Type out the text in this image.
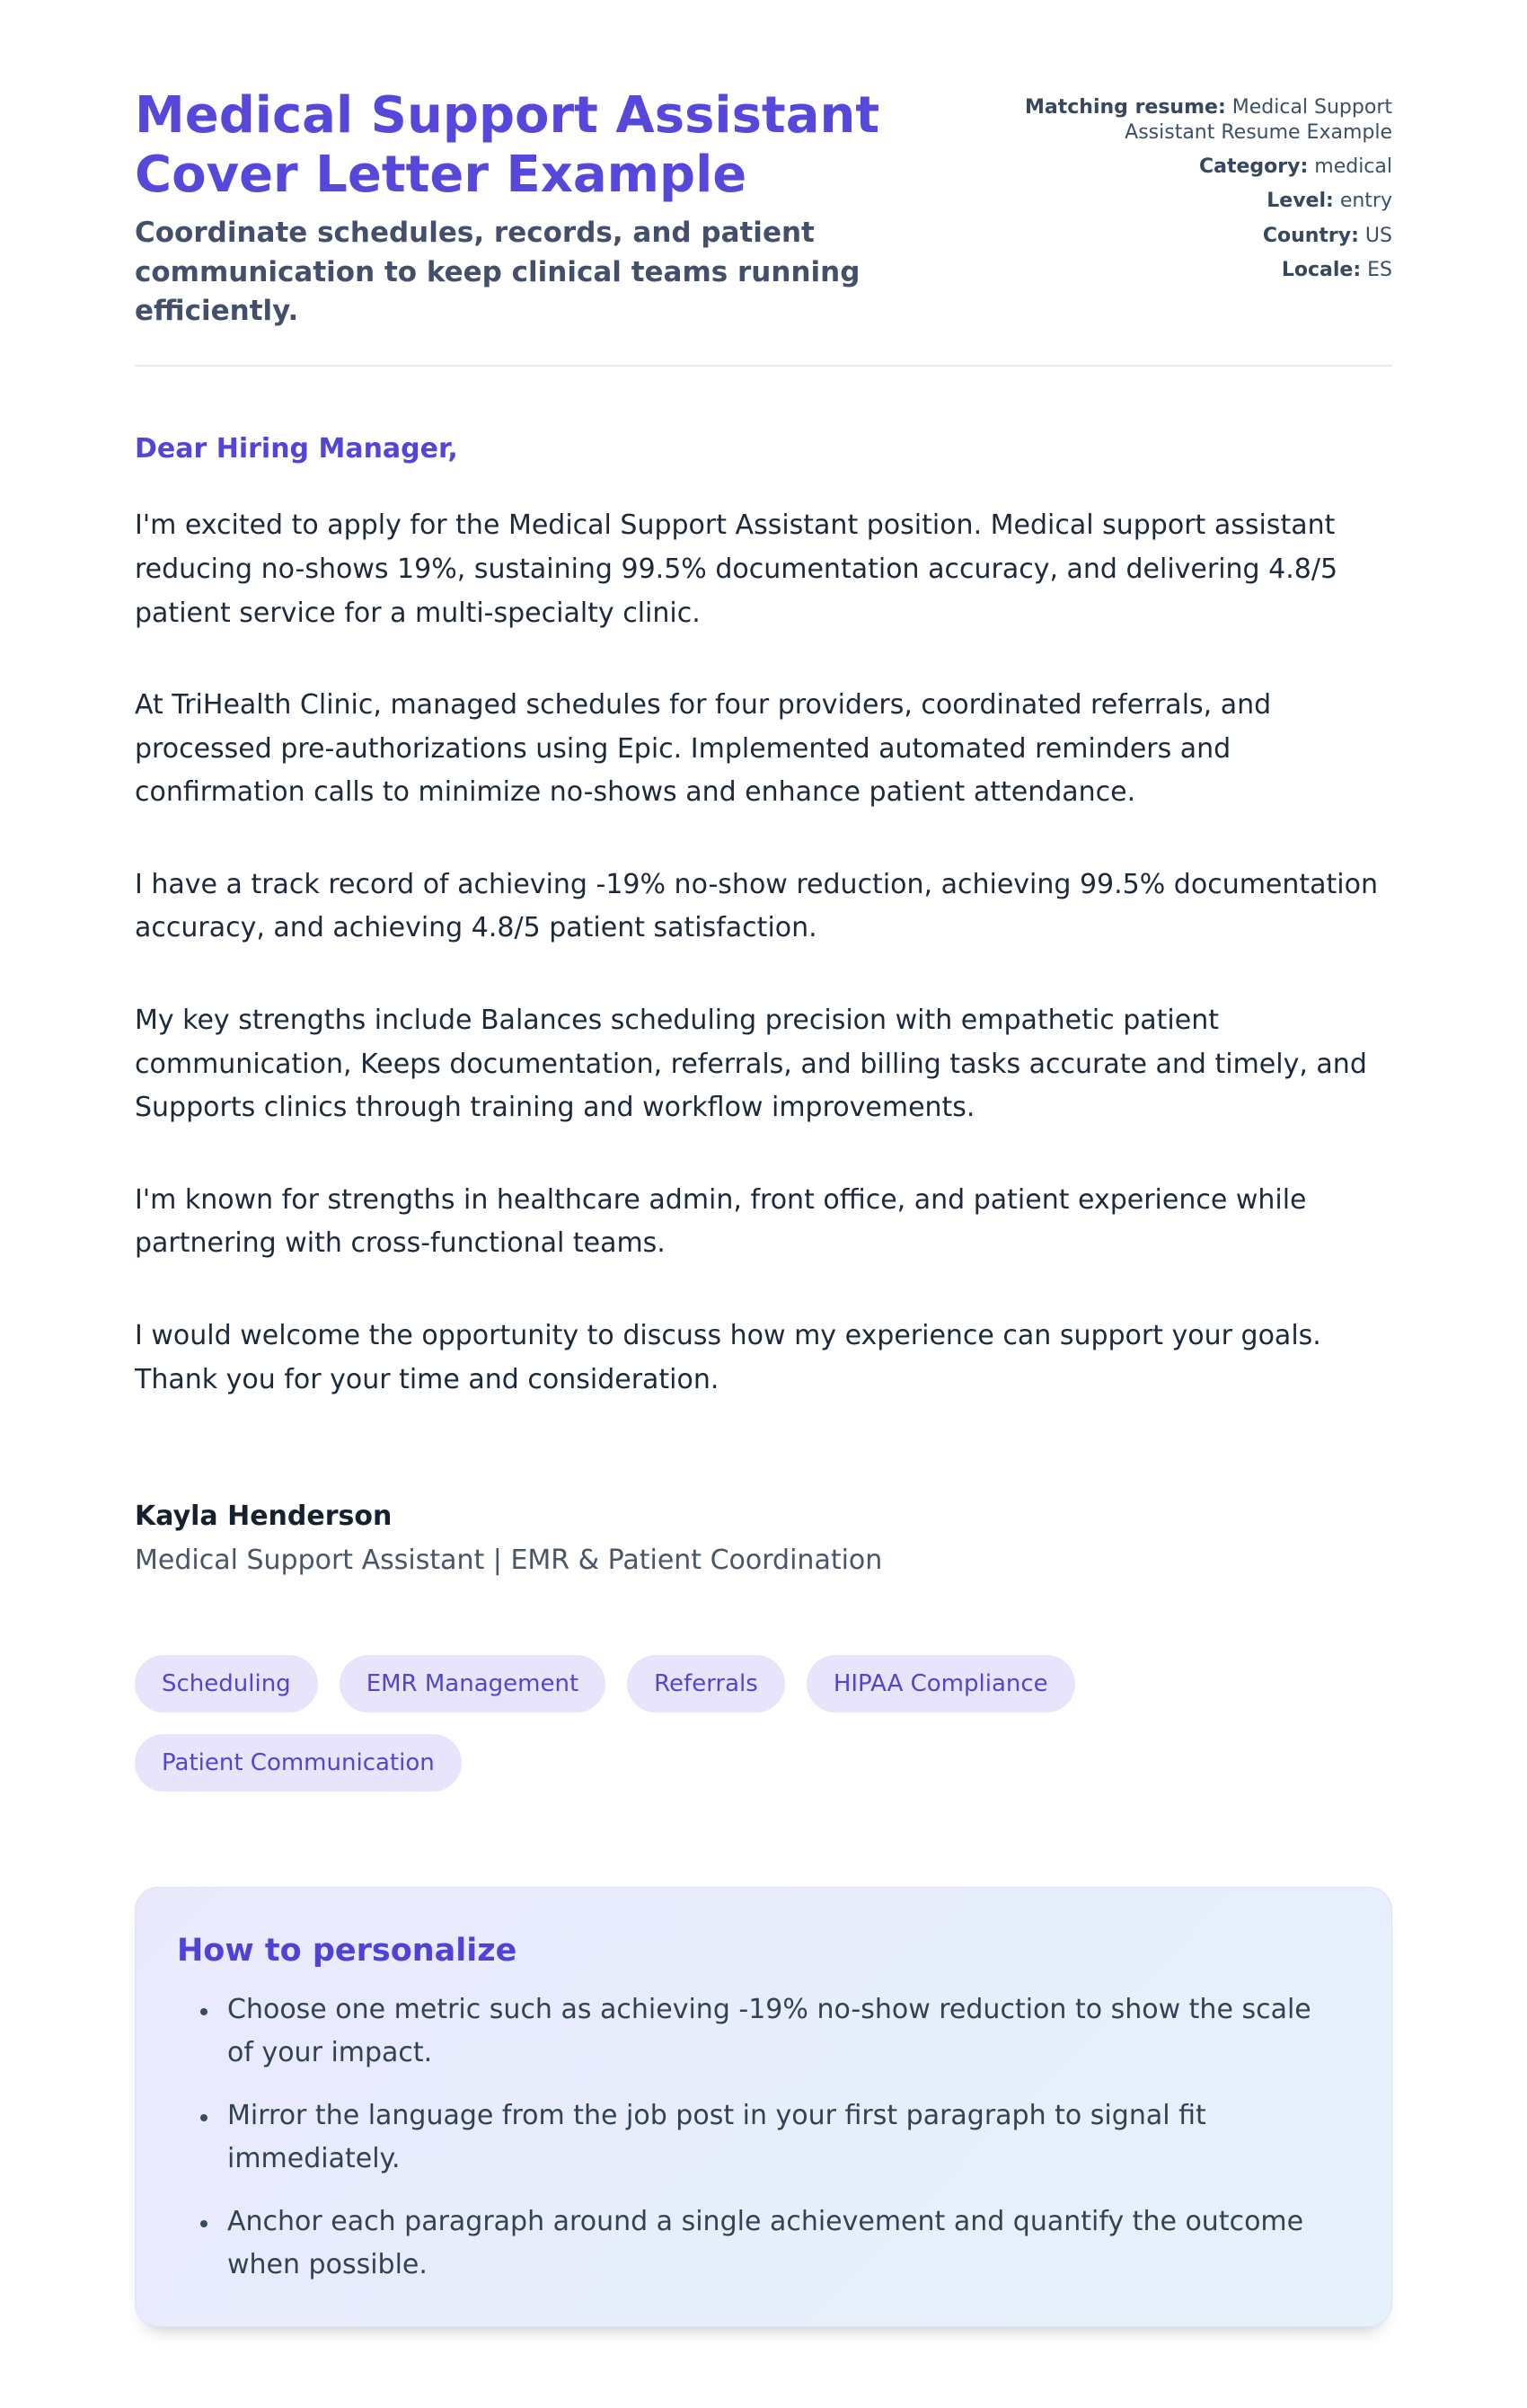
Medical Support Assistant Cover Letter Example
Coordinate schedules, records, and patient communication to keep clinical teams running efficiently.
Matching resume: Medical Support Assistant Resume Example
Category: medical
Level: entry
Country: US
Locale: ES
Dear Hiring Manager,

I'm excited to apply for the Medical Support Assistant position. Medical support assistant reducing no-shows 19%, sustaining 99.5% documentation accuracy, and delivering 4.8/5 patient service for a multi-specialty clinic.

At TriHealth Clinic, managed schedules for four providers, coordinated referrals, and processed pre-authorizations using Epic. Implemented automated reminders and confirmation calls to minimize no-shows and enhance patient attendance.

I have a track record of achieving -19% no-show reduction, achieving 99.5% documentation accuracy, and achieving 4.8/5 patient satisfaction.

My key strengths include Balances scheduling precision with empathetic patient communication, Keeps documentation, referrals, and billing tasks accurate and timely, and Supports clinics through training and workflow improvements.

I'm known for strengths in healthcare admin, front office, and patient experience while partnering with cross-functional teams.

I would welcome the opportunity to discuss how my experience can support your goals. Thank you for your time and consideration.

Kayla Henderson
Medical Support Assistant | EMR & Patient Coordination
Scheduling	EMR Management	Referrals	HIPAA Compliance
Patient Communication
How to personalize
• Choose one metric such as achieving -19% no-show reduction to show the scale of your impact.
• Mirror the language from the job post in your first paragraph to signal fit immediately.
• Anchor each paragraph around a single achievement and quantify the outcome when possible.
